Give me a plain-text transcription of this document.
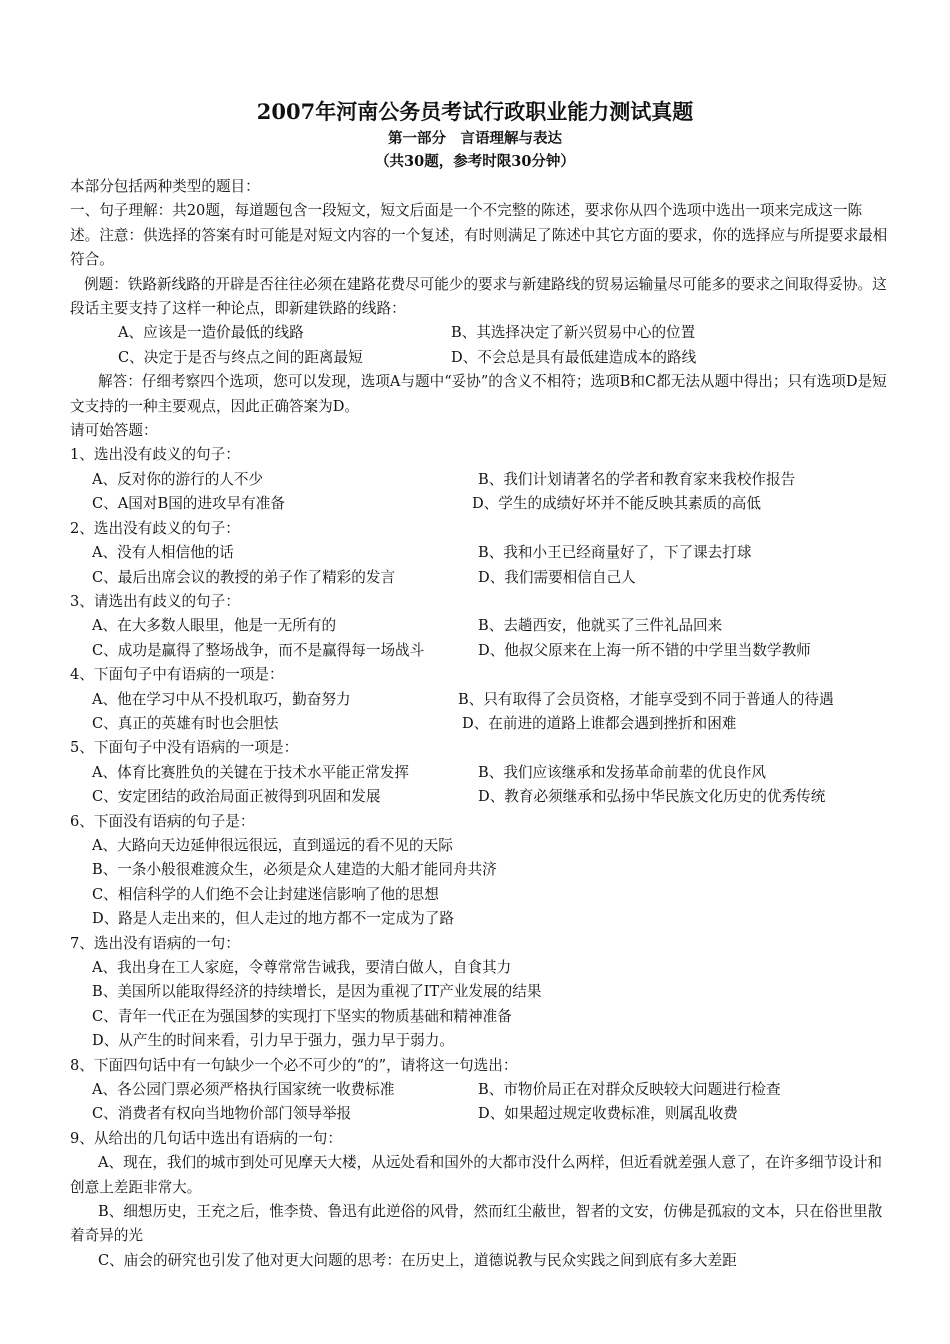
2007年河南公务员考试行政职业能力测试真题
第一部分　言语理解与表达
（共30题，参考时限30分钟）

本部分包括两种类型的题目：

一、句子理解：共20题，每道题包含一段短文，短文后面是一个不完整的陈述，要求你从四个选项中选出一项来完成这一陈述。注意：供选择的答案有时可能是对短文内容的一个复述，有时则满足了陈述中其它方面的要求，你的选择应与所提要求最相符合。

例题：铁路新线路的开辟是否往往必须在建路花费尽可能少的要求与新建路线的贸易运输量尽可能多的要求之间取得妥协。这段话主要支持了这样一种论点，即新建铁路的线路：

A、应该是一造价最低的线路	B、其选择决定了新兴贸易中心的位置
C、决定于是否与终点之间的距离最短	D、不会总是具有最低建造成本的路线

解答：仔细考察四个选项，您可以发现，选项A与题中“妥协”的含义不相符；选项B和C都无法从题中得出；只有选项D是短文支持的一种主要观点，因此正确答案为D。

请可始答题：

1、选出没有歧义的句子：

A、反对你的游行的人不少	B、我们计划请著名的学者和教育家来我校作报告
C、A国对B国的进攻早有准备	D、学生的成绩好坏并不能反映其素质的高低

2、选出没有歧义的句子：

A、没有人相信他的话	B、我和小王已经商量好了，下了课去打球
C、最后出席会议的教授的弟子作了精彩的发言	D、我们需要相信自己人

3、请选出有歧义的句子：

A、在大多数人眼里，他是一无所有的	B、去趟西安，他就买了三件礼品回来
C、成功是赢得了整场战争，而不是赢得每一场战斗	D、他叔父原来在上海一所不错的中学里当数学教师

4、下面句子中有语病的一项是：

A、他在学习中从不投机取巧，勤奋努力	B、只有取得了会员资格，才能享受到不同于普通人的待遇
C、真正的英雄有时也会胆怯	D、在前进的道路上谁都会遇到挫折和困难

5、下面句子中没有语病的一项是：

A、体育比赛胜负的关键在于技术水平能正常发挥	B、我们应该继承和发扬革命前辈的优良作风
C、安定团结的政治局面正被得到巩固和发展	D、教育必须继承和弘扬中华民族文化历史的优秀传统

6、下面没有语病的句子是：

A、大路向天边延伸很远很远，直到遥远的看不见的天际

B、一条小般很难渡众生，必须是众人建造的大船才能同舟共济

C、相信科学的人们绝不会让封建迷信影响了他的思想

D、路是人走出来的，但人走过的地方都不一定成为了路

7、选出没有语病的一句：

A、我出身在工人家庭，令尊常常告诫我，要清白做人，自食其力

B、美国所以能取得经济的持续增长，是因为重视了IT产业发展的结果

C、青年一代正在为强国梦的实现打下坚实的物质基础和精神准备

D、从产生的时间来看，引力早于强力，强力早于弱力。

8、下面四句话中有一句缺少一个必不可少的“的”，请将这一句选出：

A、各公园门票必须严格执行国家统一收费标准	B、市物价局正在对群众反映较大问题进行检查
C、消费者有权向当地物价部门领导举报	D、如果超过规定收费标准，则属乱收费

9、从给出的几句话中选出有语病的一句：

A、现在，我们的城市到处可见摩天大楼，从远处看和国外的大都市没什么两样，但近看就差强人意了，在许多细节设计和创意上差距非常大。

B、细想历史，王充之后，惟李贽、鲁迅有此逆俗的风骨，然而红尘蔽世，智者的文安，仿佛是孤寂的文本，只在俗世里散着奇异的光

C、庙会的研究也引发了他对更大问题的思考：在历史上，道德说教与民众实践之间到底有多大差距
